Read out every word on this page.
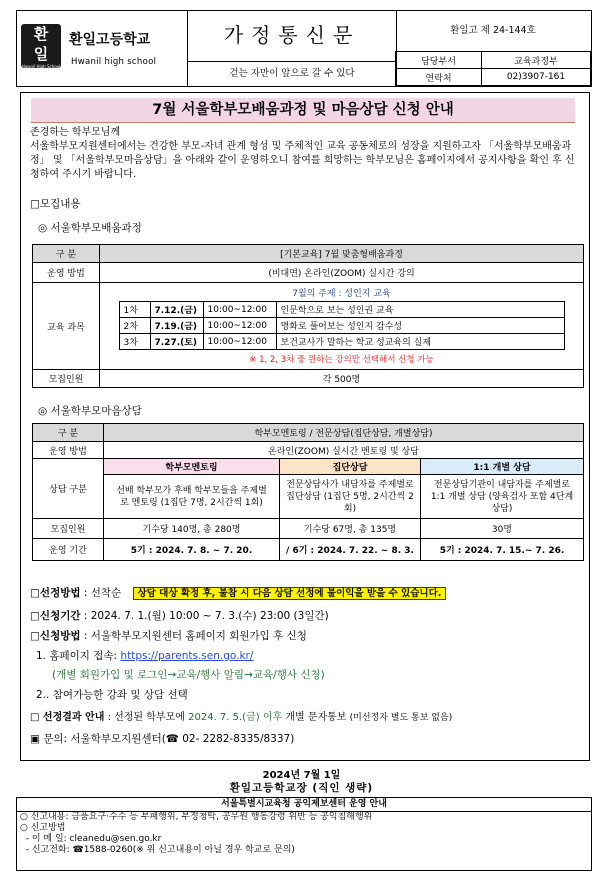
환
일
Hwanil High School
환일고등학교
Hwanil high school
가정통신문
걷는 자만이 앞으로 갈 수 있다
환일고 제 24-144호
담당부서	교육과정부
연락처	02)3907-161
7월 서울학부모배움과정 및 마음상담 신청 안내
존경하는 학부모님께
서울학부모지원센터에서는 건강한 부모-자녀 관계 형성 및 주체적인 교육 공동체로의 성장을 지원하고자 「서울학부모배움과정」 및 「서울학부모마음상담」을 아래와 같이 운영하오니 참여를 희망하는 학부모님은 홈페이지에서 공지사항을 확인 후 신청하여 주시기 바랍니다.
□모집내용
◎ 서울학부모배움과정
구 분	[기본교육] 7월 맞춤형배움과정
운영 방법	(비대면) 온라인(ZOOM) 실시간 강의
교육 과목	
7월의 주제 : 성인지 교육
1차	7.12.(금)	10:00~12:00	인문학으로 보는 성인권 교육
2차	7.19.(금)	10:00~12:00	명화로 풀어보는 성인지 감수성
3차	7.27.(토)	10:00~12:00	보건교사가 말하는 학교 성교육의 실제
※ 1, 2, 3차 중 원하는 강의만 선택해서 신청 가능

모집인원	각 500명
◎ 서울학부모마음상담
구 분	학부모멘토링 / 전문상담(집단상담, 개별상담)		
운영 방법	온라인(ZOOM) 실시간 멘토링 및 상담		
상담 구분	학부모멘토링	집단상담	1:1 개별 상담
	선배 학부모가 후배 학부모들을 주제별로 멘토링 (1집단 7명, 2시간씩 1회)	전문상담사가 내담자를 주제별로 집단상담 (1집단 5명, 2시간씩 2회)	전문상담기관이 내담자를 주제별로 1:1 개별 상담 (양육검사 포함 4단계 상담)
모집인원	기수당 140명, 총 280명	기수당 67명, 총 135명	30명
운영 기간	5기 : 2024. 7. 8. ~ 7. 20.	/ 6기 : 2024. 7. 22. ~ 8. 3.	5기 : 2024. 7. 15.~ 7. 26.
□선정방법 : 선착순 상담 대상 확정 후, 불참 시 다음 상담 선정에 불이익을 받을 수 있습니다.
□신청기간 : 2024. 7. 1.(월) 10:00 ~ 7. 3.(수) 23:00 (3일간)
□신청방법 : 서울학부모지원센터 홈페이지 회원가입 후 신청
1. 홈페이지 접속: https://parents.sen.go.kr/
(개별 회원가입 및 로그인→교육/행사 알림→교육/행사 신청)
2.. 참여가능한 강좌 및 상담 선택
□ 선정결과 안내 : 선정된 학부모에 2024. 7. 5.(금) 이후 개별 문자통보 (미선정자 별도 통보 없음)
▣ 문의: 서울학부모지원센터(☎ 02- 2282-8335/8337)
2024년 7월 1일
환일고등학교장 (직인 생략)
서울특별시교육청 공익제보센터 운영 안내
○ 신고내용: 금품요구·수수 등 부패행위, 부정청탁, 공무원 행동강령 위반 등 공익침해행위
○ 신고방법
- 이 메 일: cleanedu@sen.go.kr
- 신고전화: ☎1588-0260(※ 위 신고내용이 아닐 경우 학교로 문의)
